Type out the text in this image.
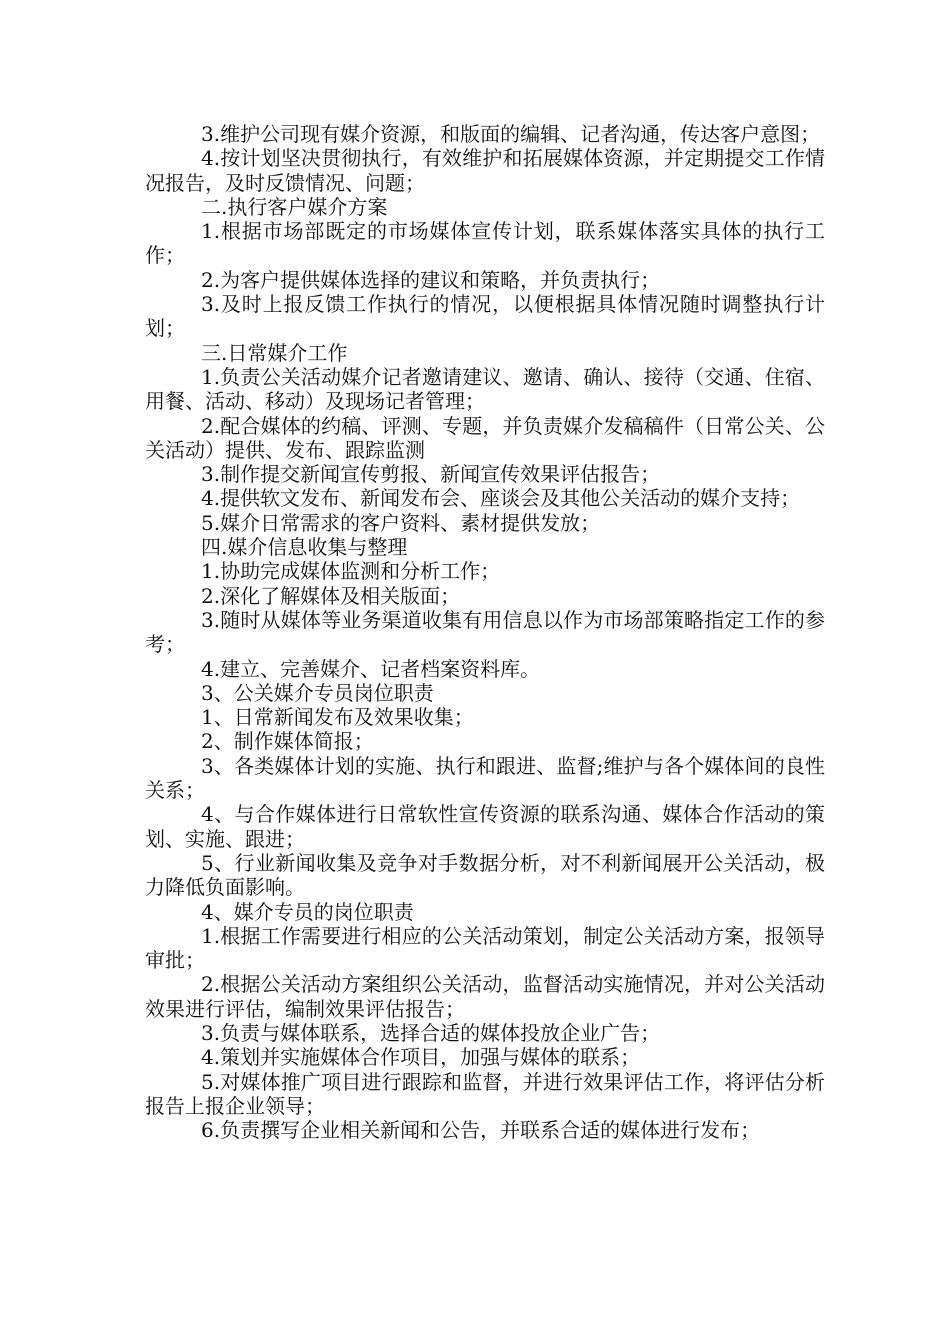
3.维护公司现有媒介资源，和版面的编辑、记者沟通，传达客户意图；

4.按计划坚决贯彻执行，有效维护和拓展媒体资源，并定期提交工作情况报告，及时反馈情况、问题；

二.执行客户媒介方案

1.根据市场部既定的市场媒体宣传计划，联系媒体落实具体的执行工作；

2.为客户提供媒体选择的建议和策略，并负责执行；

3.及时上报反馈工作执行的情况，以便根据具体情况随时调整执行计划；

三.日常媒介工作

1.负责公关活动媒介记者邀请建议、邀请、确认、接待（交通、住宿、用餐、活动、移动）及现场记者管理；

2.配合媒体的约稿、评测、专题，并负责媒介发稿稿件（日常公关、公关活动）提供、发布、跟踪监测

3.制作提交新闻宣传剪报、新闻宣传效果评估报告；

4.提供软文发布、新闻发布会、座谈会及其他公关活动的媒介支持；

5.媒介日常需求的客户资料、素材提供发放；

四.媒介信息收集与整理

1.协助完成媒体监测和分析工作；

2.深化了解媒体及相关版面；

3.随时从媒体等业务渠道收集有用信息以作为市场部策略指定工作的参考；

4.建立、完善媒介、记者档案资料库。

3、公关媒介专员岗位职责

1、日常新闻发布及效果收集；

2、制作媒体简报；

3、各类媒体计划的实施、执行和跟进、监督;维护与各个媒体间的良性关系；

4、与合作媒体进行日常软性宣传资源的联系沟通、媒体合作活动的策划、实施、跟进；

5、行业新闻收集及竞争对手数据分析，对不利新闻展开公关活动，极力降低负面影响。

4、媒介专员的岗位职责

1.根据工作需要进行相应的公关活动策划，制定公关活动方案，报领导审批；

2.根据公关活动方案组织公关活动，监督活动实施情况，并对公关活动效果进行评估，编制效果评估报告；

3.负责与媒体联系，选择合适的媒体投放企业广告；

4.策划并实施媒体合作项目，加强与媒体的联系；

5.对媒体推广项目进行跟踪和监督，并进行效果评估工作，将评估分析报告上报企业领导；

6.负责撰写企业相关新闻和公告，并联系合适的媒体进行发布；
